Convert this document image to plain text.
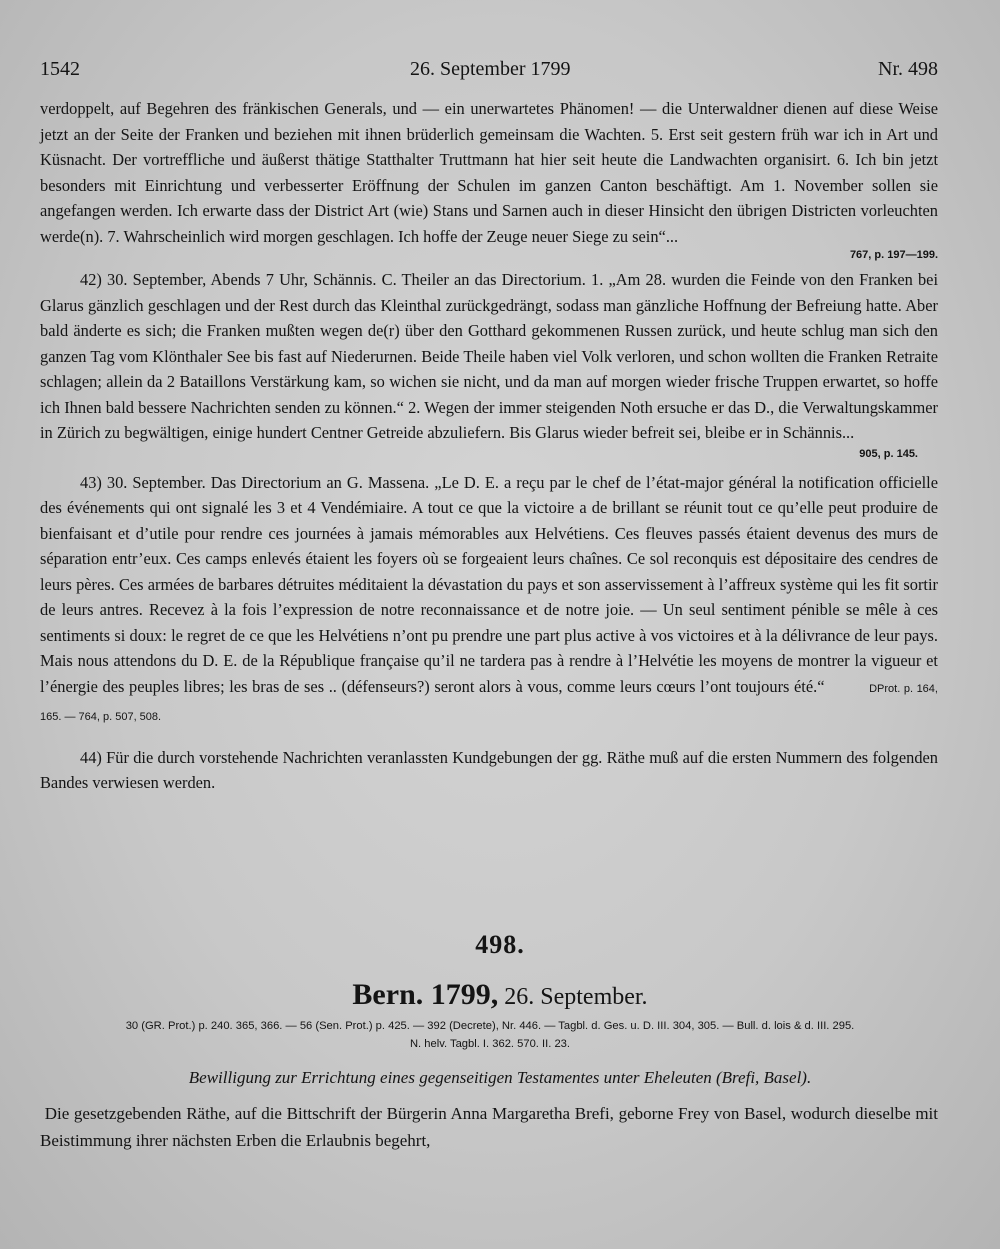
1542	26. September 1799	Nr. 498

verdoppelt, auf Begehren des fränkischen Generals, und — ein unerwartetes Phänomen! — die Unterwaldner dienen auf diese Weise jetzt an der Seite der Franken und beziehen mit ihnen brüderlich gemeinsam die Wachten. 5. Erst seit gestern früh war ich in Art und Küsnacht. Der vortreffliche und äußerst thätige Statthalter Truttmann hat hier seit heute die Landwachten organisirt. 6. Ich bin jetzt besonders mit Einrichtung und verbesserter Eröffnung der Schulen im ganzen Canton beschäftigt. Am 1. November sollen sie angefangen werden. Ich erwarte dass der District Art (wie) Stans und Sarnen auch in dieser Hinsicht den übrigen Districten vorleuchten werde(n). 7. Wahrscheinlich wird morgen geschlagen. Ich hoffe der Zeuge neuer Siege zu sein“...

767, p. 197—199.

42) 30. September, Abends 7 Uhr, Schännis. C. Theiler an das Directorium. 1. „Am 28. wurden die Feinde von den Franken bei Glarus gänzlich geschlagen und der Rest durch das Kleinthal zurückgedrängt, sodass man gänzliche Hoffnung der Befreiung hatte. Aber bald änderte es sich; die Franken mußten wegen de(r) über den Gotthard gekommenen Russen zurück, und heute schlug man sich den ganzen Tag vom Klönthaler See bis fast auf Niederurnen. Beide Theile haben viel Volk verloren, und schon wollten die Franken Retraite schlagen; allein da 2 Bataillons Verstärkung kam, so wichen sie nicht, und da man auf morgen wieder frische Truppen erwartet, so hoffe ich Ihnen bald bessere Nachrichten senden zu können.“ 2. Wegen der immer steigenden Noth ersuche er das D., die Verwaltungskammer in Zürich zu begwältigen, einige hundert Centner Getreide abzuliefern. Bis Glarus wieder befreit sei, bleibe er in Schännis...

905, p. 145.

43) 30. September. Das Directorium an G. Massena. „Le D. E. a reçu par le chef de l’état-major général la notification officielle des événements qui ont signalé les 3 et 4 Vendémiaire. A tout ce que la victoire a de brillant se réunit tout ce qu’elle peut produire de bienfaisant et d’utile pour rendre ces journées à jamais mémorables aux Helvétiens. Ces fleuves passés étaient devenus des murs de séparation entr’eux. Ces camps enlevés étaient les foyers où se forgeaient leurs chaînes. Ce sol reconquis est dépositaire des cendres de leurs pères. Ces armées de barbares détruites méditaient la dévastation du pays et son asservissement à l’affreux système qui les fit sortir de leurs antres. Recevez à la fois l’expression de notre reconnaissance et de notre joie. — Un seul sentiment pénible se mêle à ces sentiments si doux: le regret de ce que les Helvétiens n’ont pu prendre une part plus active à vos victoires et à la délivrance de leur pays. Mais nous attendons du D. E. de la République française qu’il ne tardera pas à rendre à l’Helvétie les moyens de montrer la vigueur et l’énergie des peuples libres; les bras de ses .. (défenseurs?) seront alors à vous, comme leurs cœurs l’ont toujours été.“	DProt. p. 164, 165. — 764, p. 507, 508.

44) Für die durch vorstehende Nachrichten veranlassten Kundgebungen der gg. Räthe muß auf die ersten Nummern des folgenden Bandes verwiesen werden.

498.
Bern. 1799, 26. September.
30 (GR. Prot.) p. 240. 365, 366. — 56 (Sen. Prot.) p. 425. — 392 (Decrete), Nr. 446. — Tagbl. d. Ges. u. D. III. 304, 305. — Bull. d. lois & d. III. 295.
N. helv. Tagbl. I. 362. 570. II. 23.
Bewilligung zur Errichtung eines gegenseitigen Testamentes unter Eheleuten (Brefi, Basel).
Die gesetzgebenden Räthe, auf die Bittschrift der Bürgerin Anna Margaretha Brefi, geborne Frey von Basel, wodurch dieselbe mit Beistimmung ihrer nächsten Erben die Erlaubnis begehrt,
